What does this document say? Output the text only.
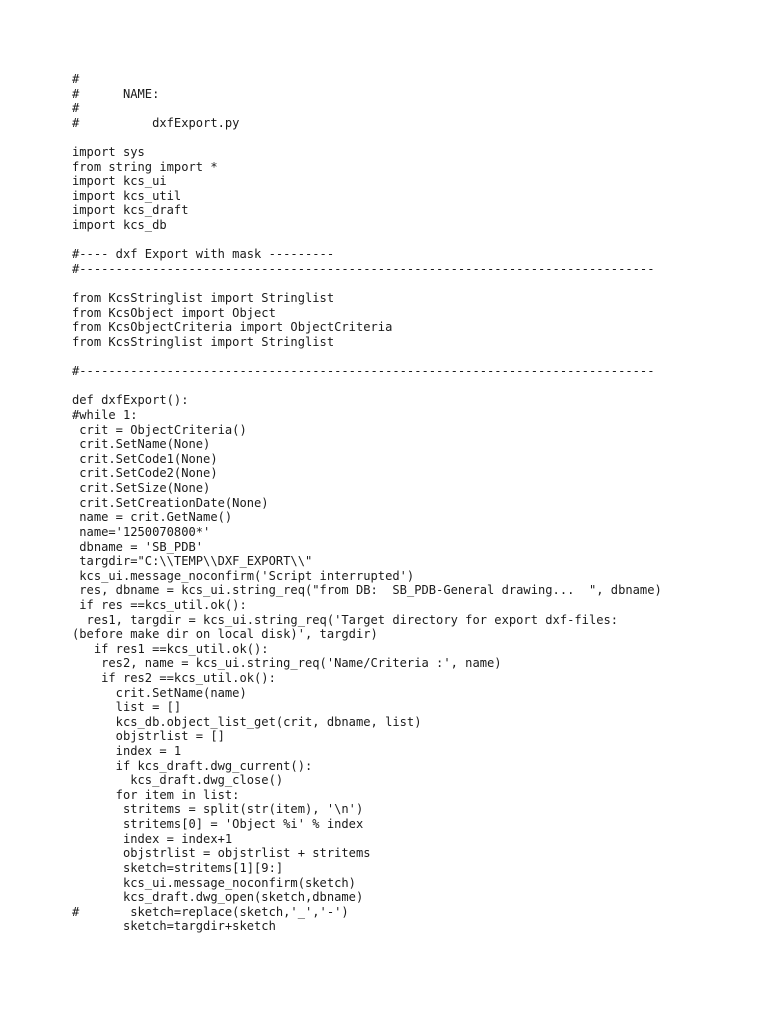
#
#      NAME:
#
#          dxfExport.py

import sys
from string import *
import kcs_ui
import kcs_util
import kcs_draft
import kcs_db

#---- dxf Export with mask ---------
#-------------------------------------------------------------------------------

from KcsStringlist import Stringlist
from KcsObject import Object
from KcsObjectCriteria import ObjectCriteria
from KcsStringlist import Stringlist

#-------------------------------------------------------------------------------

def dxfExport():
#while 1:
crit = ObjectCriteria()
crit.SetName(None)
crit.SetCode1(None)
crit.SetCode2(None)
crit.SetSize(None)
crit.SetCreationDate(None)
name = crit.GetName()
name='1250070800*'
dbname = 'SB_PDB'
targdir="C:\\TEMP\\DXF_EXPORT\\"
kcs_ui.message_noconfirm('Script interrupted')
res, dbname = kcs_ui.string_req("from DB:  SB_PDB-General drawing...  ", dbname)
if res ==kcs_util.ok():
res1, targdir = kcs_ui.string_req('Target directory for export dxf-files:
(before make dir on local disk)', targdir)
if res1 ==kcs_util.ok():
res2, name = kcs_ui.string_req('Name/Criteria :', name)
if res2 ==kcs_util.ok():
crit.SetName(name)
list = []
kcs_db.object_list_get(crit, dbname, list)
objstrlist = []
index = 1
if kcs_draft.dwg_current():
kcs_draft.dwg_close()
for item in list:
stritems = split(str(item), '\n')
stritems[0] = 'Object %i' % index
index = index+1
objstrlist = objstrlist + stritems
sketch=stritems[1][9:]
kcs_ui.message_noconfirm(sketch)
kcs_draft.dwg_open(sketch,dbname)
#       sketch=replace(sketch,'_','-')
sketch=targdir+sketch
